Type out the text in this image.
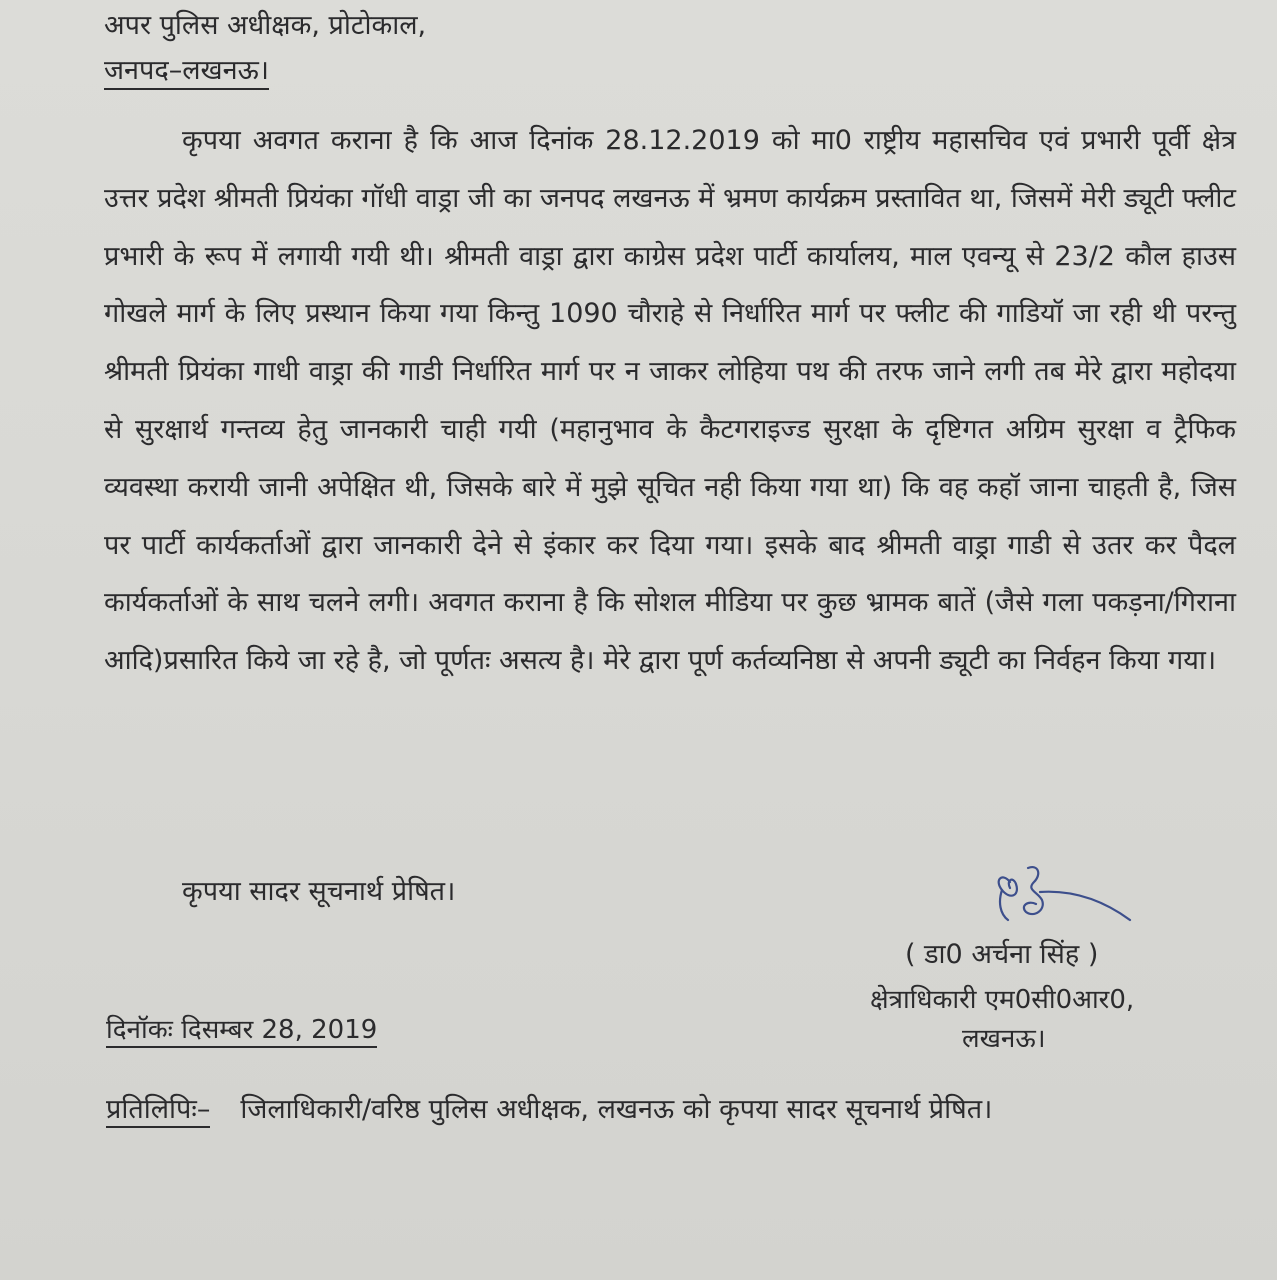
अपर पुलिस अधीक्षक, प्रोटोकाल,
जनपद–लखनऊ।
कृपया अवगत कराना है कि आज दिनांक 28.12.2019 को मा0 राष्ट्रीय महासचिव एवं प्रभारी पूर्वी क्षेत्र उत्तर प्रदेश श्रीमती प्रियंका गॉधी वाड्रा जी का जनपद लखनऊ में भ्रमण कार्यक्रम प्रस्तावित था, जिसमें मेरी ड्यूटी फ्लीट प्रभारी के रूप में लगायी गयी थी। श्रीमती वाड्रा द्वारा काग्रेस प्रदेश पार्टी कार्यालय, माल एवन्यू से 23/2 कौल हाउस गोखले मार्ग के लिए प्रस्थान किया गया किन्तु 1090 चौराहे से निर्धारित मार्ग पर फ्लीट की गाडियॉ जा रही थी परन्तु श्रीमती प्रियंका गाधी वाड्रा की गाडी निर्धारित मार्ग पर न जाकर लोहिया पथ की तरफ जाने लगी तब मेरे द्वारा महोदया से सुरक्षार्थ गन्तव्य हेतु जानकारी चाही गयी (महानुभाव के कैटगराइज्ड सुरक्षा के दृष्टिगत अग्रिम सुरक्षा व ट्रैफिक व्यवस्था करायी जानी अपेक्षित थी, जिसके बारे में मुझे सूचित नही किया गया था) कि वह कहॉ जाना चाहती है, जिस पर पार्टी कार्यकर्ताओं द्वारा जानकारी देने से इंकार कर दिया गया। इसके बाद श्रीमती वाड्रा गाडी से उतर कर पैदल कार्यकर्ताओं के साथ चलने लगी। अवगत कराना है कि सोशल मीडिया पर कुछ भ्रामक बातें (जैसे गला पकड़ना/गिराना आदि)प्रसारित किये जा रहे है, जो पूर्णतः असत्य है। मेरे द्वारा पूर्ण कर्तव्यनिष्ठा से अपनी ड्यूटी का निर्वहन किया गया।
कृपया सादर सूचनार्थ प्रेषित।
( डा0 अर्चना सिंह )
क्षेत्राधिकारी एम0सी0आर0,
लखनऊ।
दिनॉकः दिसम्बर 28, 2019
प्रतिलिपिः– जिलाधिकारी/वरिष्ठ पुलिस अधीक्षक, लखनऊ को कृपया सादर सूचनार्थ प्रेषित।
